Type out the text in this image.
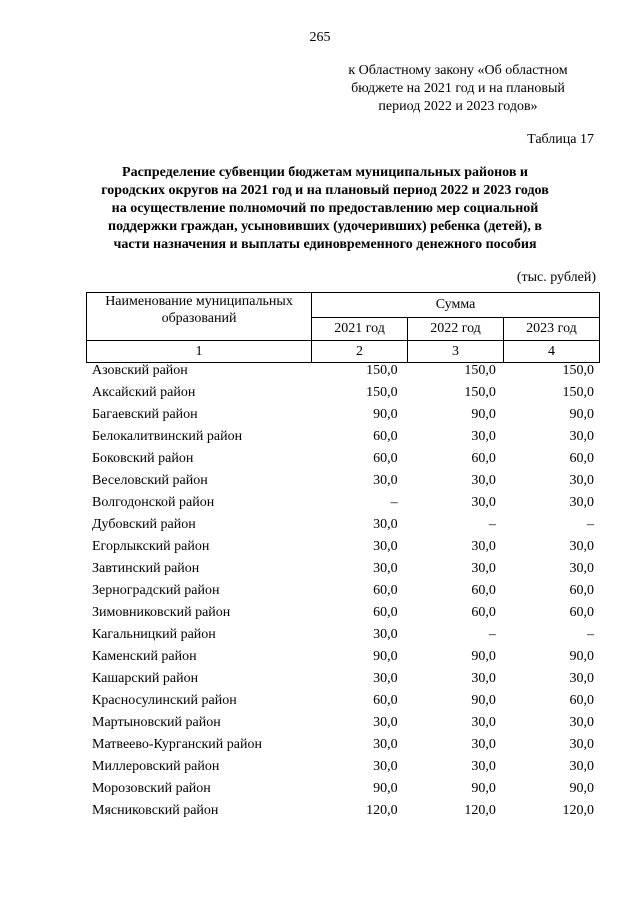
265
к Областному закону «Об областном
бюджете на 2021 год и на плановый
период 2022 и 2023 годов»
Таблица 17
Распределение субвенции бюджетам муниципальных районов и
городских округов на 2021 год и на плановый период 2022 и 2023 годов
на осуществление полномочий по предоставлению мер социальной
поддержки граждан, усыновивших (удочеривших) ребенка (детей), в
части назначения и выплаты единовременного денежного пособия
(тыс. рублей)
Наименование муниципальных образований	Сумма		
	2021 год	2022 год	2023 год
1	2	3	4
Азовский район	150,0	150,0	150,0
Аксайский район	150,0	150,0	150,0
Багаевский район	90,0	90,0	90,0
Белокалитвинский район	60,0	30,0	30,0
Боковский район	60,0	60,0	60,0
Веселовский район	30,0	30,0	30,0
Волгодонской район	–	30,0	30,0
Дубовский район	30,0	–	–
Егорлыкский район	30,0	30,0	30,0
Завтинский район	30,0	30,0	30,0
Зерноградский район	60,0	60,0	60,0
Зимовниковский район	60,0	60,0	60,0
Кагальницкий район	30,0	–	–
Каменский район	90,0	90,0	90,0
Кашарский район	30,0	30,0	30,0
Красносулинский район	60,0	90,0	60,0
Мартыновский район	30,0	30,0	30,0
Матвеево-Курганский район	30,0	30,0	30,0
Миллеровский район	30,0	30,0	30,0
Морозовский район	90,0	90,0	90,0
Мясниковский район	120,0	120,0	120,0
